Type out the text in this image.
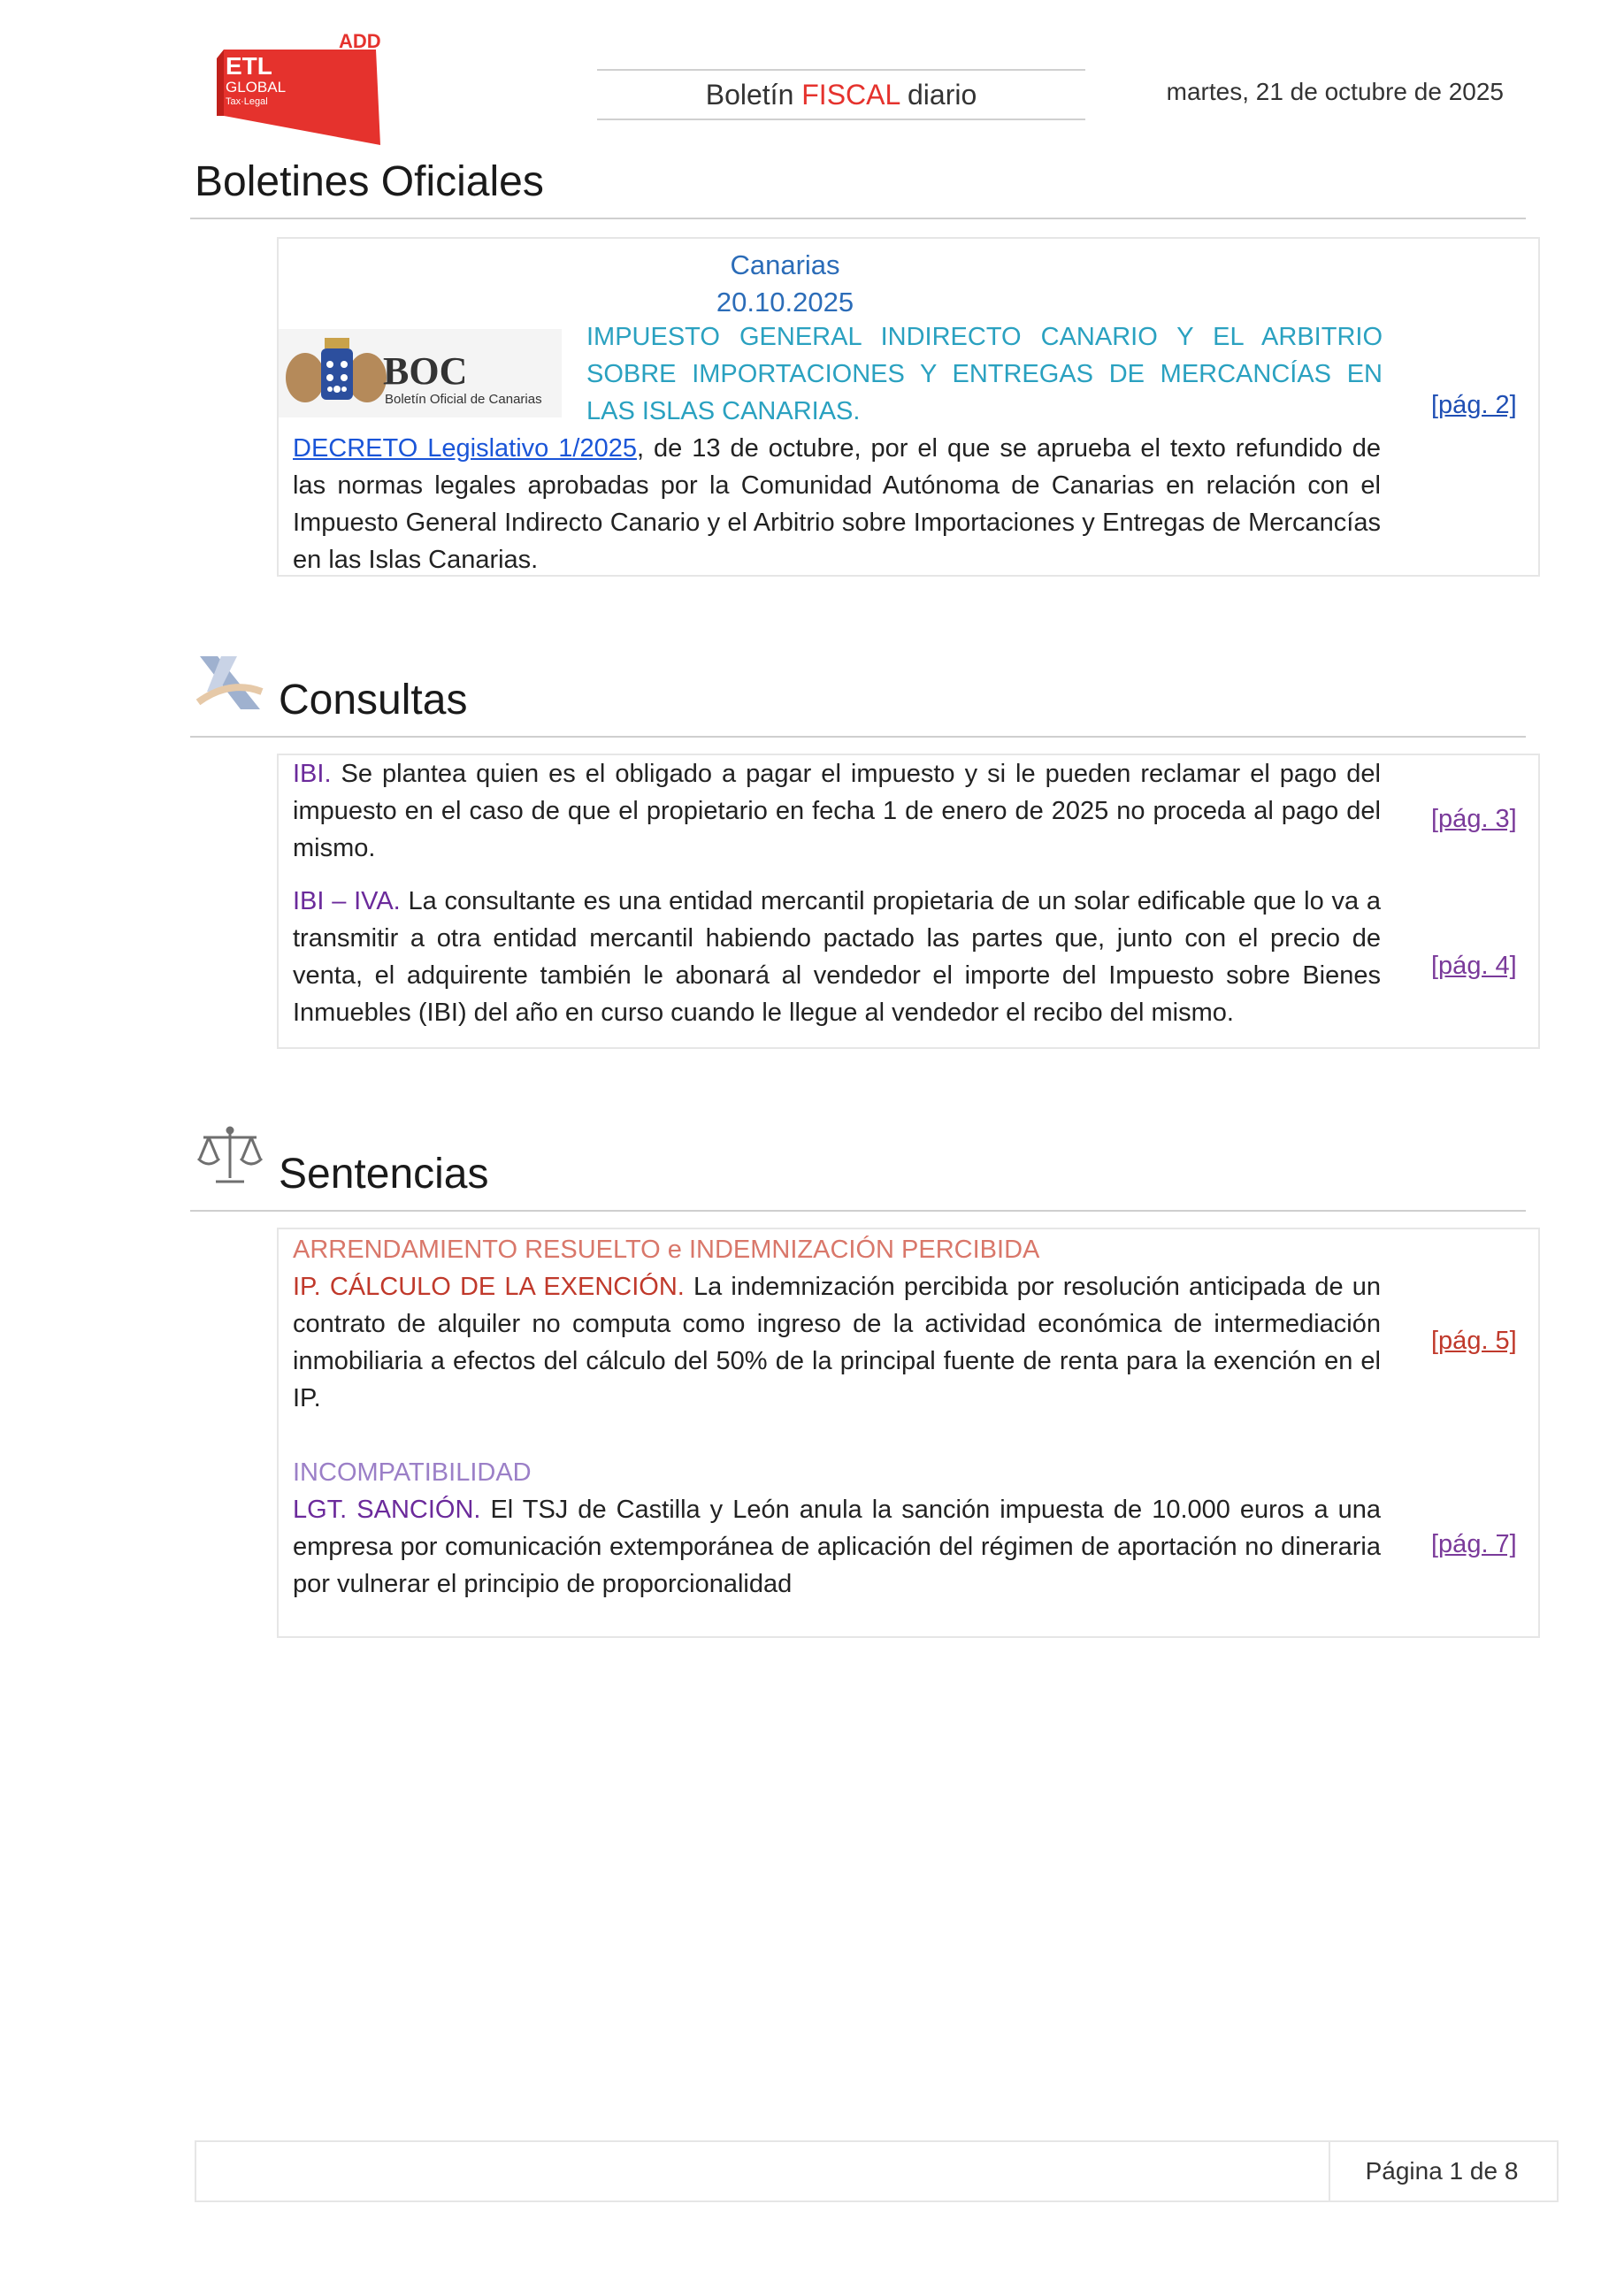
ADD
ETL
GLOBAL
Tax·Legal	Boletín FISCAL diario	martes, 21 de octubre de 2025
Boletines Oficiales
Canarias
20.10.2025
BOC
Boletín Oficial de Canarias
IMPUESTO GENERAL INDIRECTO CANARIO Y EL ARBITRIO SOBRE IMPORTACIONES Y ENTREGAS DE MERCANCÍAS EN LAS ISLAS CANARIAS.
DECRETO Legislativo 1/2025, de 13 de octubre, por el que se aprueba el texto refundido de las normas legales aprobadas por la Comunidad Autónoma de Canarias en relación con el Impuesto General Indirecto Canario y el Arbitrio sobre Importaciones y Entregas de Mercancías en las Islas Canarias.
[pág. 2]
Consultas
IBI. Se plantea quien es el obligado a pagar el impuesto y si le pueden reclamar el pago del impuesto en el caso de que el propietario en fecha 1 de enero de 2025 no proceda al pago del mismo.
[pág. 3]
IBI – IVA. La consultante es una entidad mercantil propietaria de un solar edificable que lo va a transmitir a otra entidad mercantil habiendo pactado las partes que, junto con el precio de venta, el adquirente también le abonará al vendedor el importe del Impuesto sobre Bienes Inmuebles (IBI) del año en curso cuando le llegue al vendedor el recibo del mismo.
[pág. 4]
Sentencias
ARRENDAMIENTO RESUELTO e INDEMNIZACIÓN PERCIBIDA
IP. CÁLCULO DE LA EXENCIÓN. La indemnización percibida por resolución anticipada de un contrato de alquiler no computa como ingreso de la actividad económica de intermediación inmobiliaria a efectos del cálculo del 50% de la principal fuente de renta para la exención en el IP.
[pág. 5]
INCOMPATIBILIDAD
LGT. SANCIÓN. El TSJ de Castilla y León anula la sanción impuesta de 10.000 euros a una empresa por comunicación extemporánea de aplicación del régimen de aportación no dineraria por vulnerar el principio de proporcionalidad
[pág. 7]
Página 1 de 8
